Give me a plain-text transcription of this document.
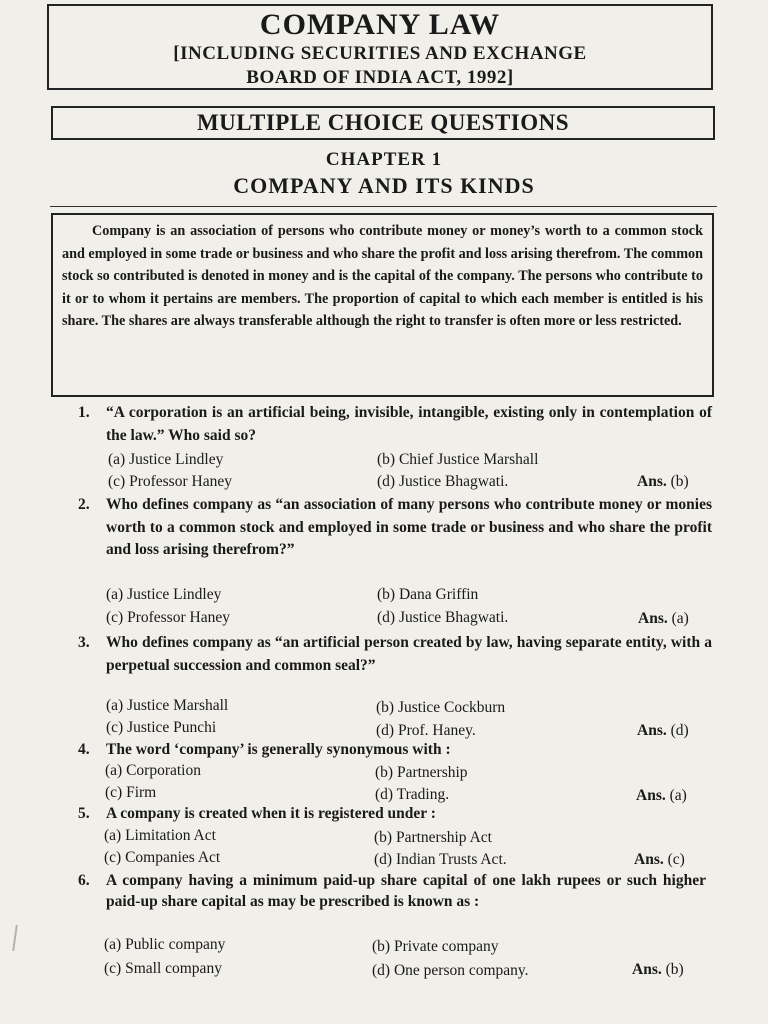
COMPANY LAW
[INCLUDING SECURITIES AND EXCHANGE
BOARD OF INDIA ACT, 1992]
MULTIPLE CHOICE QUESTIONS
CHAPTER 1
COMPANY AND ITS KINDS

Company is an association of persons who contribute money or money’s worth to a common stock and employed in some trade or business and who share the profit and loss arising therefrom. The common stock so contributed is denoted in money and is the capital of the company. The persons who contribute to it or to whom it pertains are members. The proportion of capital to which each member is entitled is his share. The shares are always transferable although the right to transfer is often more or less restricted.

1. “A corporation is an artificial being, invisible, intangible, existing only in contemplation of the law.” Who said so?
(a) Justice Lindley	(b) Chief Justice Marshall
(c) Professor Haney	(d) Justice Bhagwati.	Ans. (b)
2. Who defines company as “an association of many persons who contribute money or monies worth to a common stock and employed in some trade or business and who share the profit and loss arising therefrom?”
(a) Justice Lindley	(b) Dana Griffin
(c) Professor Haney	(d) Justice Bhagwati.	Ans. (a)
3. Who defines company as “an artificial person created by law, having separate entity, with a perpetual succession and common seal?”
(a) Justice Marshall	(b) Justice Cockburn
(c) Justice Punchi	(d) Prof. Haney.	Ans. (d)
4. The word ‘company’ is generally synonymous with :
(a) Corporation	(b) Partnership
(c) Firm	(d) Trading.	Ans. (a)
5. A company is created when it is registered under :
(a) Limitation Act	(b) Partnership Act
(c) Companies Act	(d) Indian Trusts Act.	Ans. (c)
6. A company having a minimum paid-up share capital of one lakh rupees or such higher paid-up share capital as may be prescribed is known as :
(a) Public company	(b) Private company
(c) Small company	(d) One person company.	Ans. (b)
